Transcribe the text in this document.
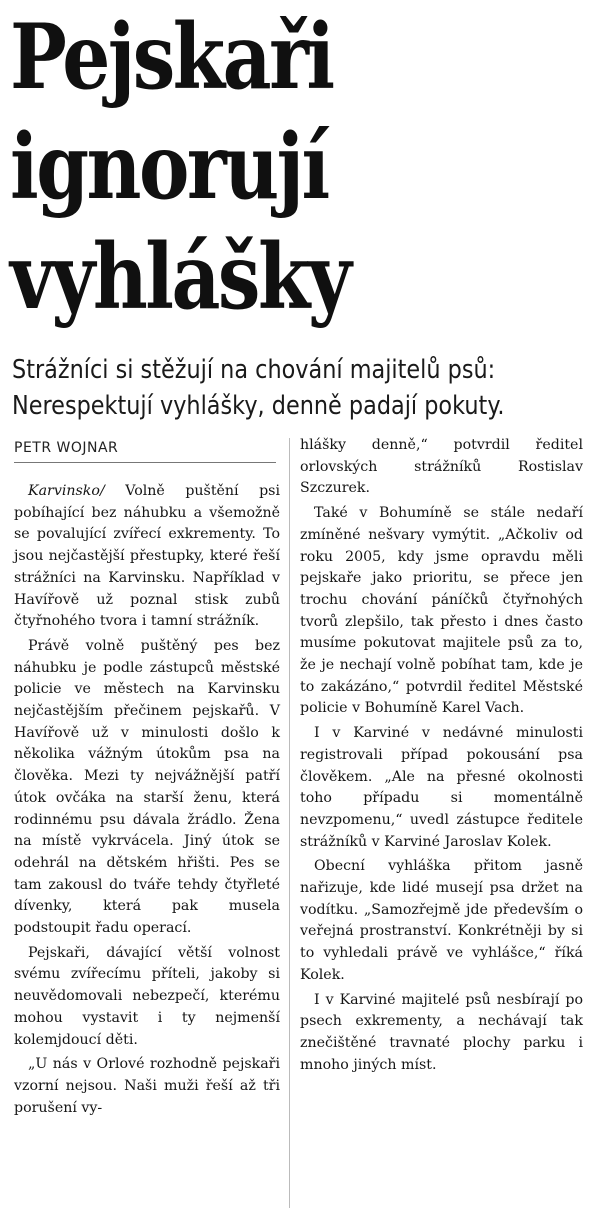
Pejskaři
ignorují
vyhlášky
Strážníci si stěžují na chování majitelů psů:
Nerespektují vyhlášky, denně padají pokuty.
PETR WOJNAR

Karvinsko/ Volně puštění psi pobíhající bez náhubku a všemožně se povalující zvířecí exkrementy. To jsou nejčastější přestupky, které řeší strážníci na Karvinsku. Například v Havířově už poznal stisk zubů čtyřnohého tvora i tamní strážník.

Právě volně puštěný pes bez náhubku je podle zástupců městské policie ve městech na Karvinsku nejčastějším přečinem pejskařů. V Havířově už v minulosti došlo k několika vážným útokům psa na člověka. Mezi ty nejvážnější patří útok ovčáka na starší ženu, která rodinnému psu dávala žrádlo. Žena na místě vykrvácela. Jiný útok se odehrál na dětském hřišti. Pes se tam zakousl do tváře tehdy čtyřleté dívenky, která pak musela podstoupit řadu operací.

Pejskaři, dávající větší volnost svému zvířecímu příteli, jakoby si neuvědomovali nebezpečí, kterému mohou vystavit i ty nejmenší kolemjdoucí děti.

„U nás v Orlové rozhodně pejskaři vzorní nejsou. Naši muži řeší až tři porušení vy-

hlášky denně,“ potvrdil ředitel orlovských strážníků Rostislav Szczurek.

Také v Bohumíně se stále nedaří zmíněné nešvary vymýtit. „Ačkoliv od roku 2005, kdy jsme opravdu měli pejskaře jako prioritu, se přece jen trochu chování páníčků čtyřnohých tvorů zlepšilo, tak přesto i dnes často musíme pokutovat majitele psů za to, že je nechají volně pobíhat tam, kde je to zakázáno,“ potvrdil ředitel Městské policie v Bohumíně Karel Vach.

I v Karviné v nedávné minulosti registrovali případ pokousání psa člověkem. „Ale na přesné okolnosti toho případu si momentálně nevzpomenu,“ uvedl zástupce ředitele strážníků v Karviné Jaroslav Kolek.

Obecní vyhláška přitom jasně nařizuje, kde lidé musejí psa držet na vodítku. „Samozřejmě jde především o veřejná prostranství. Konkrétněji by si to vyhledali právě ve vyhlášce,“ říká Kolek.

I v Karviné majitelé psů nesbírají po psech exkrementy, a nechávají tak znečištěné travnaté plochy parku i mnoho jiných míst.
